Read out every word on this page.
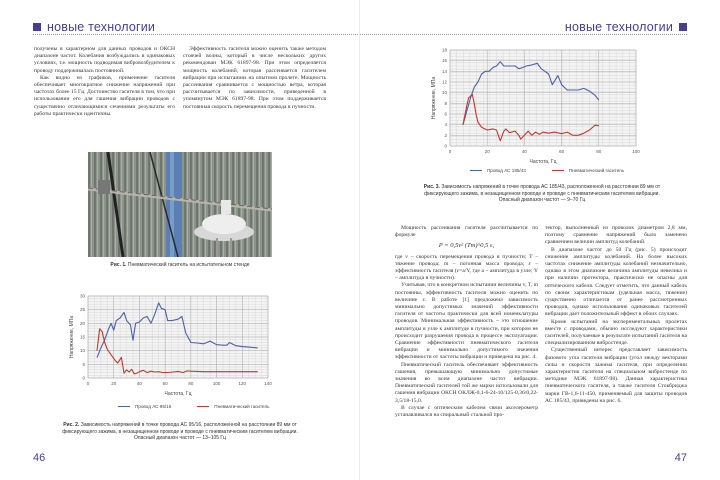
новые технологии

получены в характерном для данных проводов и ОКСН диапазоне частот. Колебания возбуждались в одинаковых условиях, т.е. мощность подводимая вибровозбудителем к проводу поддерживалась постоянной.

Как видно из графиков, применение гасителя обеспечивает многократное снижение напряжений при частотах более 15 Гц. Достоинство гасителя в том, что при использовании его для гашения вибрации проводов с существенно отличающимися сечениями результаты его работы практически идентичны.

Эффективность гасителя можно оценить также методом стоячей волны, который в числе нескольких других рекомендован МЭК 61897-98. При этом определяется мощность колебаний, которая рассеивается гасителем вибрации при испытаниях на опытном пролете. Мощность рассеивания сравнивается с мощностью ветра, которая рассчитывается по зависимости, приведенной в упомянутом МЭК 61897-98. При этом поддерживается постоянная скорость перемещения провода в пучности.

Рис. 1. Пневматический гаситель на испытательном стенде
0	20	40	60	80	100	120	140
0
5
10
15
20
25
30
Частота, Гц
Напряжение, МПа
Провод АС 95/16	Пневматический гаситель
Рис. 2. Зависимость напряжений в точке провода АС 95/16, расположенной на расстоянии 89 мм от фиксирующего зажима, в незащищенном проводе и проводе с пневматическим гасителем вибрации. Опасный диапазон частот — 13–105 Гц
46
новые технологии
0	20	40	60	80	100
0
2
4
6
8
10
12
14
16
18
Частота, Гц
Напряжение, МПа
Провод АС 185/43	Пневматический гаситель
Рис. 3. Зависимость напряжений в точке провода АС 185/43, расположенной на расстоянии 89 мм от фиксирующего зажима, в незащищенном проводе и проводе с пневматическим гасителем вибрации. Опасный диапазон частот — 9–70 Гц

Мощность рассеивания гасителя рассчитывается по формуле

P = 0,5v² (Tm)^0,5 ε,

где v – скорость перемещения провода в пучности; T – тяжение провода; m – погонная масса провода; ε – эффективность гасителя (ε=a/Y, где a – амплитуда в узле; Y – амплитуда в пучности).

Учитывая, что в конкретном испытании величины v, T, m постоянны, эффективность гасителя можно оценить по величине ε. В работе [1] предложена зависимость минимально допустимых значений эффективности гасителя от частоты практически для всей номенклатуры проводов. Минимальная эффективность – это отношение амплитуды в узле к амплитуде в пучности, при котором не происходит разрушения провода в процессе эксплуатации. Сравнение эффективности пневматического гасителя вибрации и минимально допустимого значения эффективности от частоты вибрации и приведена на рис. 4.

Пневматический гаситель обеспечивает эффективность гашения, превышающую минимально допустимые значения во всем диапазоне частот вибрации. Пневматический гасителей той же марки использовали для гашения вибрации ОКСН ОКЛЖ-0,1-6-24-10/125-0,36/0,22-3,5/18-15,0.

В случае с оптическим кабелем связи акселерометр устанавливался на спиральный стальной про-

тектор, выполненный из проволок диаметром 2,8 мм, поэтому сравнение напряжений было заменено сравнением величин амплитуд колебаний.

В диапазоне частот до 50 Гц (рис. 5) происходит снижение амплитуды колебаний. На более высоких частотах снижение амплитуды колебаний незначительно, однако в этом диапазоне величина амплитуды невелика и при наличии протектора, практически не опасны для оптического кабеля. Следует отметить, что данный кабель по своим характеристикам (удельная масса, тяжение) существенно отличается от ранее рассмотренных проводов, однако использование одинаковых гасителей вибрации дает положительный эффект в обоих случаях.

Кроме испытаний на экспериментальных пролетах вместе с проводами, обычно исследуют характеристики гасителей, получаемые в результате испытаний гасителя на специализированном вибростенде.

Существенный интерес представляет зависимость фазового угла гасителя вибрации (угол между векторами силы и скорости зажима гасителя, при определении характеристик гасителя на специальном вибростенде по методике МЭК 61897-98). Данная характеристика пневматического гасителя, а также гасителя Стокбриджа марки ГВ-1,6-11-450, применяемый для защиты проводов АС 185/43, приведены на рис. 6.

47
